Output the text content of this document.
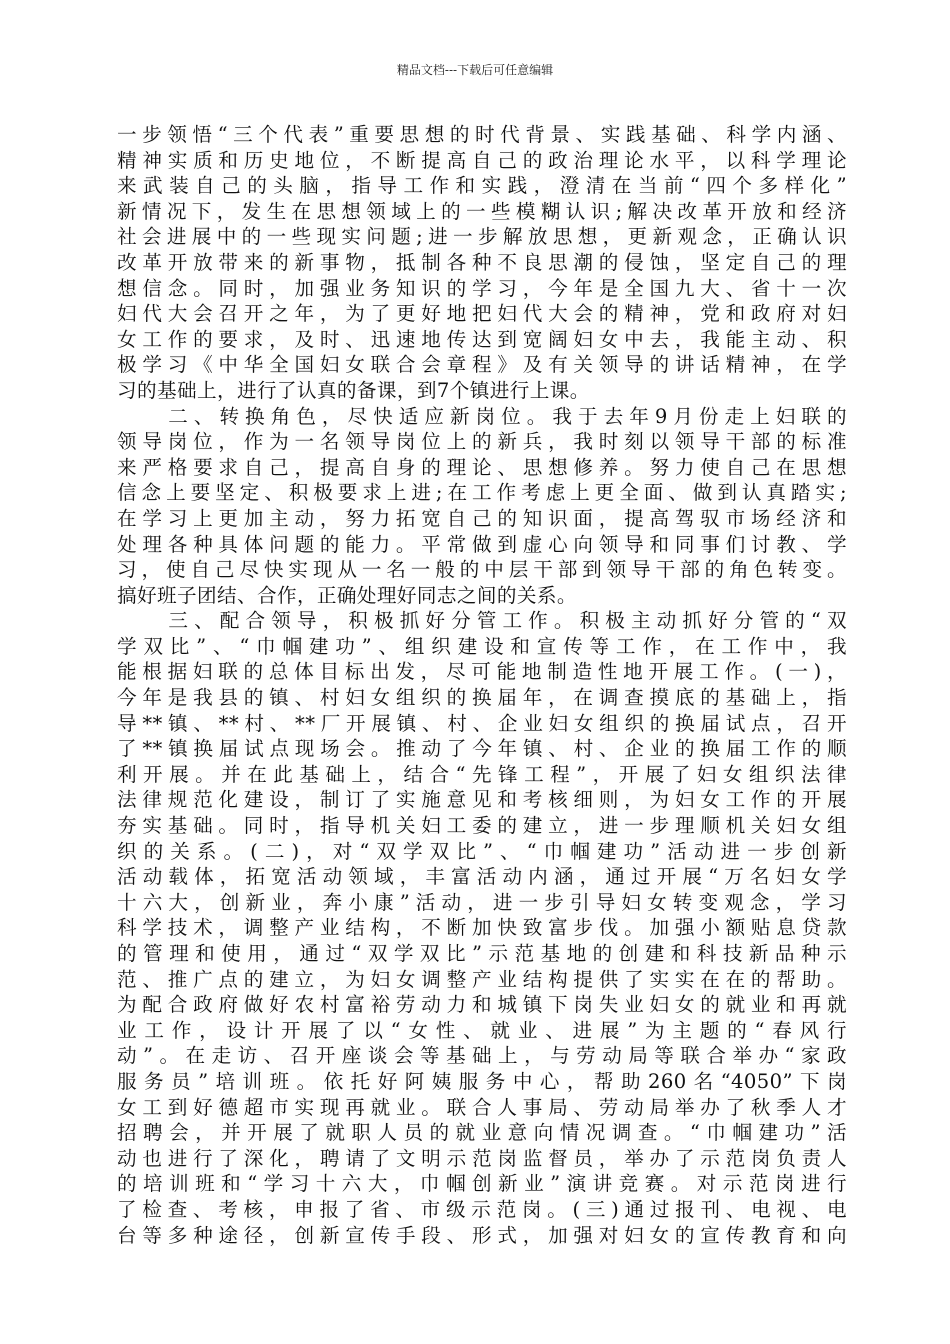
精品文档---下载后可任意编辑
一步领悟“三个代表”重要思想的时代背景、实践基础、科学内涵、
精神实质和历史地位，不断提高自己的政治理论水平，以科学理论
来武装自己的头脑，指导工作和实践，澄清在当前“四个多样化”
新情况下，发生在思想领域上的一些模糊认识;解决改革开放和经济
社会进展中的一些现实问题;进一步解放思想，更新观念，正确认识
改革开放带来的新事物，抵制各种不良思潮的侵蚀，坚定自己的理
想信念。同时，加强业务知识的学习，今年是全国九大、省十一次
妇代大会召开之年，为了更好地把妇代大会的精神，党和政府对妇
女工作的要求，及时、迅速地传达到宽阔妇女中去，我能主动、积
极学习《中华全国妇女联合会章程》及有关领导的讲话精神，在学
习的基础上，进行了认真的备课，到7个镇进行上课。
　　二、转换角色，尽快适应新岗位。我于去年9月份走上妇联的
领导岗位，作为一名领导岗位上的新兵，我时刻以领导干部的标准
来严格要求自己，提高自身的理论、思想修养。努力使自己在思想
信念上要坚定、积极要求上进;在工作考虑上更全面、做到认真踏实;
在学习上更加主动，努力拓宽自己的知识面，提高驾驭市场经济和
处理各种具体问题的能力。平常做到虚心向领导和同事们讨教、学
习，使自己尽快实现从一名一般的中层干部到领导干部的角色转变。
搞好班子团结、合作，正确处理好同志之间的关系。
　　三、配合领导，积极抓好分管工作。积极主动抓好分管的“双
学双比”、“巾帼建功”、组织建设和宣传等工作，在工作中，我
能根据妇联的总体目标出发，尽可能地制造性地开展工作。(一)，
今年是我县的镇、村妇女组织的换届年，在调查摸底的基础上，指
导**镇、**村、**厂开展镇、村、企业妇女组织的换届试点，召开
了**镇换届试点现场会。推动了今年镇、村、企业的换届工作的顺
利开展。并在此基础上，结合“先锋工程”，开展了妇女组织法律
法律规范化建设，制订了实施意见和考核细则，为妇女工作的开展
夯实基础。同时，指导机关妇工委的建立，进一步理顺机关妇女组
织的关系。(二)，对“双学双比”、“巾帼建功”活动进一步创新
活动载体，拓宽活动领域，丰富活动内涵，通过开展“万名妇女学
十六大，创新业，奔小康”活动，进一步引导妇女转变观念，学习
科学技术，调整产业结构，不断加快致富步伐。加强小额贴息贷款
的管理和使用，通过“双学双比”示范基地的创建和科技新品种示
范、推广点的建立，为妇女调整产业结构提供了实实在在的帮助。
为配合政府做好农村富裕劳动力和城镇下岗失业妇女的就业和再就
业工作，设计开展了以“女性、就业、进展”为主题的“春风行
动”。在走访、召开座谈会等基础上，与劳动局等联合举办“家政
服务员”培训班。依托好阿姨服务中心，帮助260名“4050”下岗
女工到好德超市实现再就业。联合人事局、劳动局举办了秋季人才
招聘会，并开展了就职人员的就业意向情况调查。“巾帼建功”活
动也进行了深化，聘请了文明示范岗监督员，举办了示范岗负责人
的培训班和“学习十六大，巾帼创新业”演讲竞赛。对示范岗进行
了检查、考核，申报了省、市级示范岗。(三)通过报刊、电视、电
台等多种途径，创新宣传手段、形式，加强对妇女的宣传教育和向
